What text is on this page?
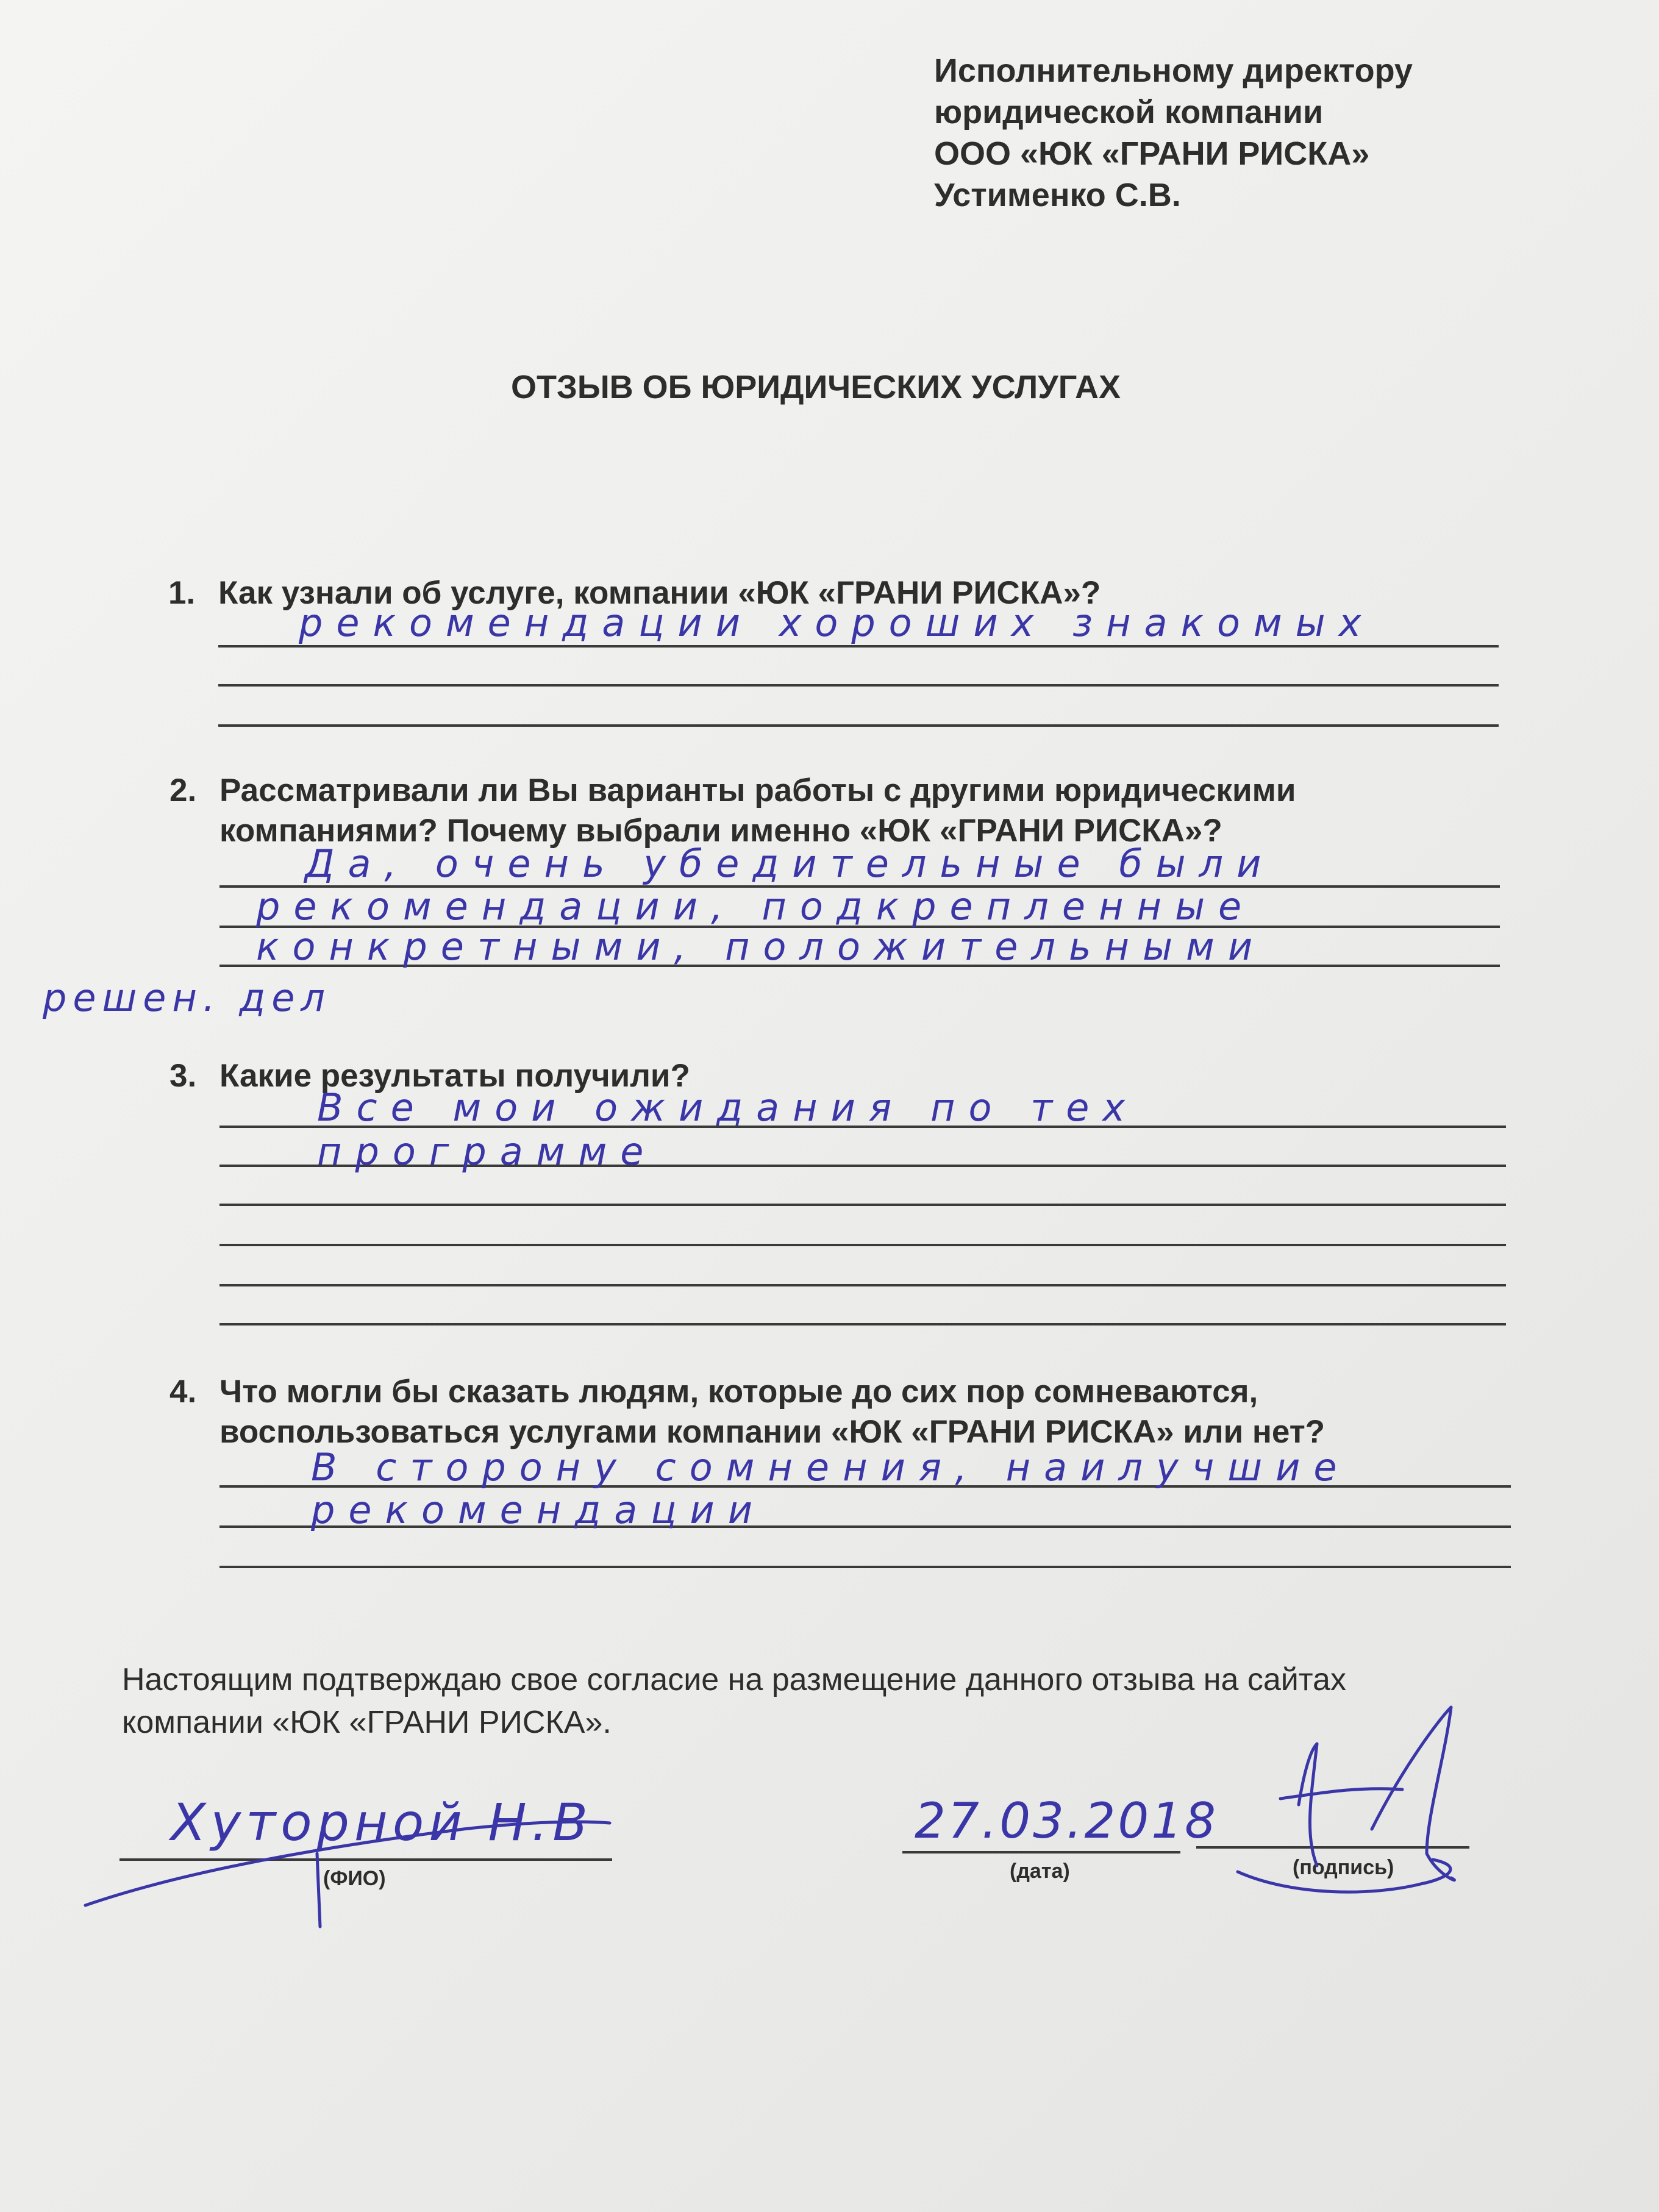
Исполнительному директору
юридической компании
ООО «ЮК «ГРАНИ РИСКА»
Устименко С.В.
ОТЗЫВ ОБ ЮРИДИЧЕСКИХ УСЛУГАХ
1. Как узнали об услуге, компании «ЮК «ГРАНИ РИСКА»?
рекомендации хороших знакомых
2. Рассматривали ли Вы варианты работы с другими юридическими
компаниями? Почему выбрали именно «ЮК «ГРАНИ РИСКА»?
Да, очень убедительные были
рекомендации, подкрепленные
конкретными, положительными
решен. дел
3. Какие результаты получили?
Все мои ожидания по тех
программе
4. Что могли бы сказать людям, которые до сих пор сомневаются,
воспользоваться услугами компании «ЮК «ГРАНИ РИСКА» или нет?
В сторону сомнения, наилучшие
рекомендации
Настоящим подтверждаю свое согласие на размещение данного отзыва на сайтах
компании «ЮК «ГРАНИ РИСКА».
(ФИО)	(дата)	(подпись)
Хуторной Н.В	27.03.2018
